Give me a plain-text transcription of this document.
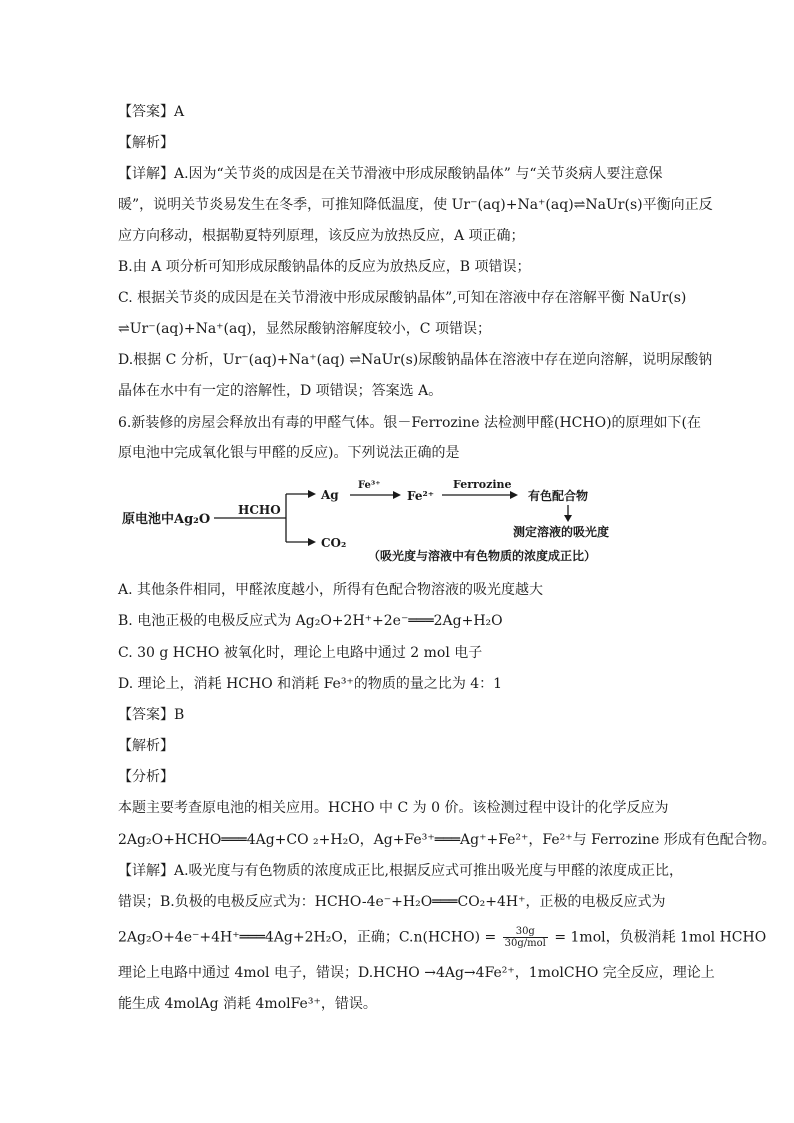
【答案】A
【解析】
【详解】A.因为“关节炎的成因是在关节滑液中形成尿酸钠晶体” 与“关节炎病人要注意保
暖”，说明关节炎易发生在冬季，可推知降低温度，使 Ur⁻(aq)+Na⁺(aq)⇌NaUr(s)平衡向正反
应方向移动，根据勒夏特列原理，该反应为放热反应，A 项正确；
B.由 A 项分析可知形成尿酸钠晶体的反应为放热反应，B 项错误；
C. 根据关节炎的成因是在关节滑液中形成尿酸钠晶体”,可知在溶液中存在溶解平衡 NaUr(s)
⇌Ur⁻(aq)+Na⁺(aq)，显然尿酸钠溶解度较小，C 项错误；
D.根据 C 分析，Ur⁻(aq)+Na⁺(aq) ⇌NaUr(s)尿酸钠晶体在溶液中存在逆向溶解，说明尿酸钠
晶体在水中有一定的溶解性，D 项错误；答案选 A。
6.新装修的房屋会释放出有毒的甲醛气体。银－Ferrozine 法检测甲醛(HCHO)的原理如下(在
原电池中完成氧化银与甲醛的反应)。下列说法正确的是
原电池中Ag₂O
HCHO
Ag
CO₂
Fe³⁺
Fe²⁺
Ferrozine
有色配合物
测定溶液的吸光度
（吸光度与溶液中有色物质的浓度成正比）
A. 其他条件相同，甲醛浓度越小，所得有色配合物溶液的吸光度越大
B. 电池正极的电极反应式为 Ag₂O+2H⁺+2e⁻═══2Ag+H₂O
C. 30 g HCHO 被氧化时，理论上电路中通过 2 mol 电子
D. 理论上，消耗 HCHO 和消耗 Fe³⁺的物质的量之比为 4：1
【答案】B
【解析】
【分析】
本题主要考查原电池的相关应用。HCHO 中 C 为 0 价。该检测过程中设计的化学反应为
2Ag₂O+HCHO═══4Ag+CO ₂+H₂O，Ag+Fe³⁺═══Ag⁺+Fe²⁺，Fe²⁺与 Ferrozine 形成有色配合物。
【详解】A.吸光度与有色物质的浓度成正比,根据反应式可推出吸光度与甲醛的浓度成正比，
错误；B.负极的电极反应式为：HCHO-4e⁻+H₂O═══CO₂+4H⁺，正极的电极反应式为
2Ag₂O+4e⁻+4H⁺═══4Ag+2H₂O，正确；C.n(HCHO) = $\frac{30g}{\text{30g/mol}} = 1mol$，负极消耗 1mol HCHO
理论上电路中通过 4mol 电子，错误；D.HCHO →4Ag→4Fe²⁺，1molCHO 完全反应，理论上
能生成 4molAg 消耗 4molFe³⁺，错误。
